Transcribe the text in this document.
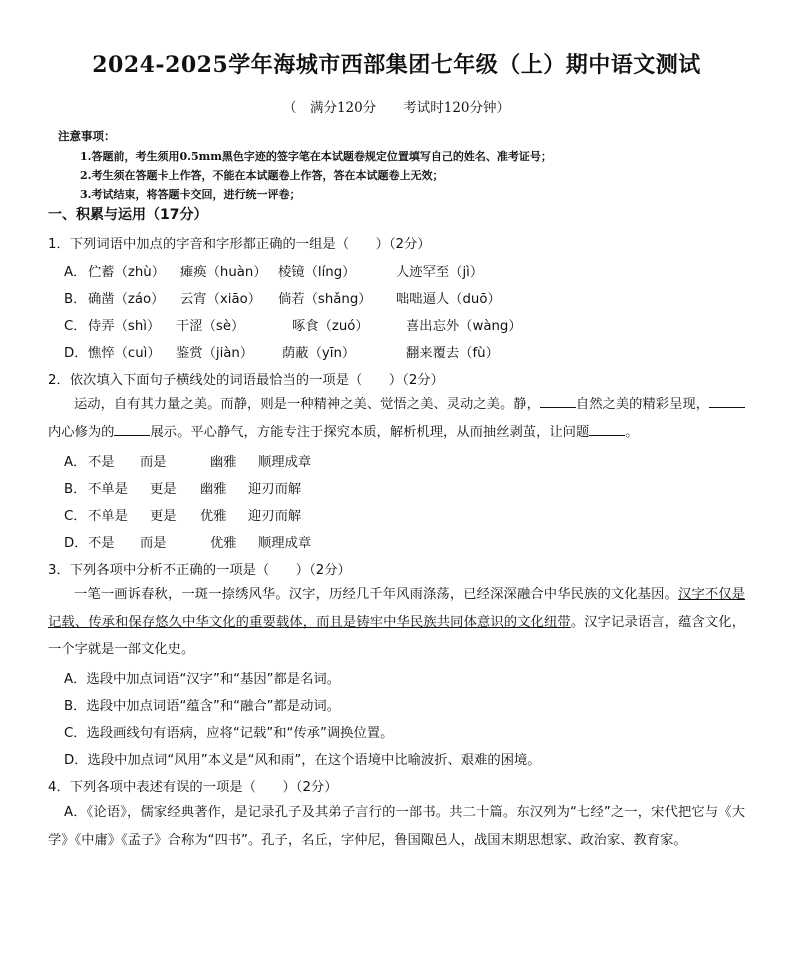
2024-2025学年海城市西部集团七年级（上）期中语文测试
（　满分120分　　考试时120分钟）
注意事项：
1.答题前，考生须用0.5mm黑色字迹的签字笔在本试题卷规定位置填写自己的姓名、准考证号；
2.考生须在答题卡上作答，不能在本试题卷上作答，答在本试题卷上无效；
3.考试结束，将答题卡交回，进行统一评卷；
一、积累与运用（17分）
1．下列词语中加点的字音和字形都正确的一组是（　　）（2分）
A． 伫蓄（zhù）	瘫痪（huàn） 棱镜（líng）	人迹罕至（jì）
B． 确凿（záo）	云宵（xiāo）	倘若（shǎng）	咄咄逼人（duō）
C． 侍弄（shì）	干涩（sè）	啄食（zuó）	喜出忘外（wàng）
D． 憔悴（cuì）	鉴赏（jiàn）	荫蔽（yīn）	翻来覆去（fù）
2．依次填入下面句子横线处的词语最恰当的一项是（　　）（2分）
运动，自有其力量之美。而静，则是一种精神之美、觉悟之美、灵动之美。静，	自然之美的精彩呈现，内心修为的	展示。平心静气，方能专注于探究本质，解析机理，从而抽丝剥茧，让问题	。
A． 不是	而是	幽雅	顺理成章
B． 不单是	更是	幽雅	迎刃而解
C． 不单是	更是	优雅	迎刃而解
D． 不是	而是	优雅	顺理成章
3．下列各项中分析不正确的一项是（　　）（2分）
一笔一画诉春秋，一斑一捺绣风华。汉字，历经几千年风雨涤荡，已经深深融合中华民族的文化基因。汉字不仅是记载、传承和保存悠久中华文化的重要载体，而且是铸牢中华民族共同体意识的文化纽带。汉字记录语言，蕴含文化，一个字就是一部文化史。
A．选段中加点词语“汉字”和“基因”都是名词。
B．选段中加点词语“蕴含”和“融合”都是动词。
C．选段画线句有语病，应将“记载”和“传承”调换位置。
D．选段中加点词“风用”本义是“风和雨”，在这个语境中比喻波折、艰难的困境。
4．下列各项中表述有误的一项是（　　）（2分）
A．《论语》，儒家经典著作，是记录孔子及其弟子言行的一部书。共二十篇。东汉列为“七经”之一，宋代把它与《大学》《中庸》《孟子》合称为“四书”。孔子，名丘，字仲尼，鲁国陬邑人，战国末期思想家、政治家、教育家。
